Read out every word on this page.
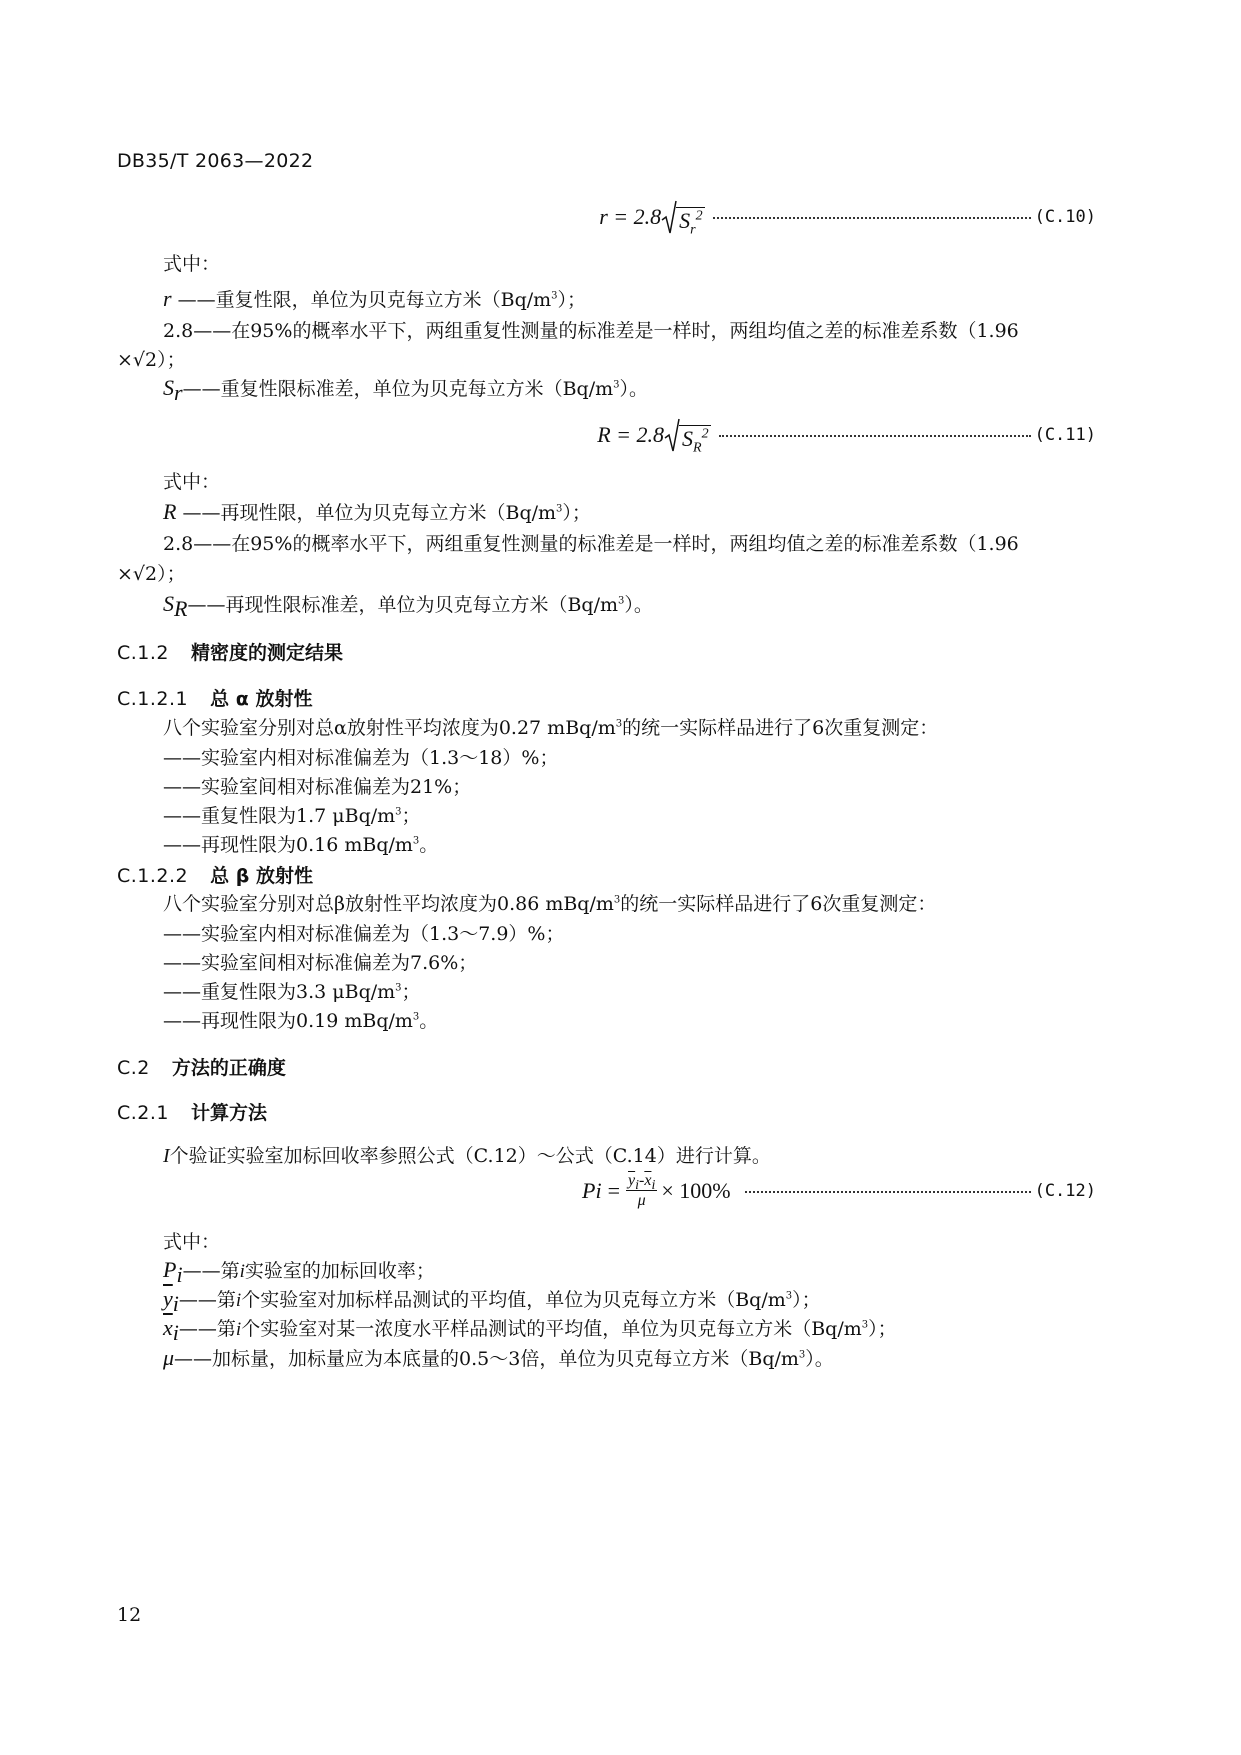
DB35/T 2063—2022
r = 2.8 $S_r^2$	(C.10)
式中：
r ——重复性限，单位为贝克每立方米$(Bq/m^3)$；
2.8——在95%的概率水平下，两组重复性测量的标准差是一样时，两组均值之差的标准差系数（1.96
×√2）；
$S_r——$重复性限标准差，单位为贝克每立方米$(Bq/m^3)$。
R = 2.8 $S_R^2$	(C.11)
式中：
R ——再现性限，单位为贝克每立方米$(Bq/m^3)$；
2.8——在95%的概率水平下，两组重复性测量的标准差是一样时，两组均值之差的标准差系数（1.96
×√2）；
$S_R——$再现性限标准差，单位为贝克每立方米$(Bq/m^3)$。
C.1.2 精密度的测定结果
C.1.2.1 总 α 放射性
八个实验室分别对总α放射性平均浓度为0.27 mBq/$m^3$的统一实际样品进行了6次重复测定：
——实验室内相对标准偏差为（1.3～18）%；
——实验室间相对标准偏差为21%；
——重复性限为1.7 μBq/$m^3$；
——再现性限为0.16 mBq/$m^3$。
C.1.2.2 总 β 放射性
八个实验室分别对总β放射性平均浓度为0.86 mBq/$m^3$的统一实际样品进行了6次重复测定：
——实验室内相对标准偏差为（1.3～7.9）%；
——实验室间相对标准偏差为7.6%；
——重复性限为3.3 μBq/$m^3$；
——再现性限为0.19 mBq/$m^3$。
C.2 方法的正确度
C.2.1 计算方法
I个验证实验室加标回收率参照公式（C.12）～公式（C.14）进行计算。
P $i = \frac{\overline{y}_i-\overline{x}_i}{\mu} \times 100\%$	(C.12)
式中：
$P_i——$第i实验室的加标回收率；
$\overline{y}_i——$第i个实验室对加标样品测试的平均值，单位为贝克每立方米$(Bq/m^3)$；
$\overline{x}_i——$第i个实验室对某一浓度水平样品测试的平均值，单位为贝克每立方米$(Bq/m^3)$；
μ——加标量，加标量应为本底量的0.5～3倍，单位为贝克每立方米$(Bq/m^3)$。
12
